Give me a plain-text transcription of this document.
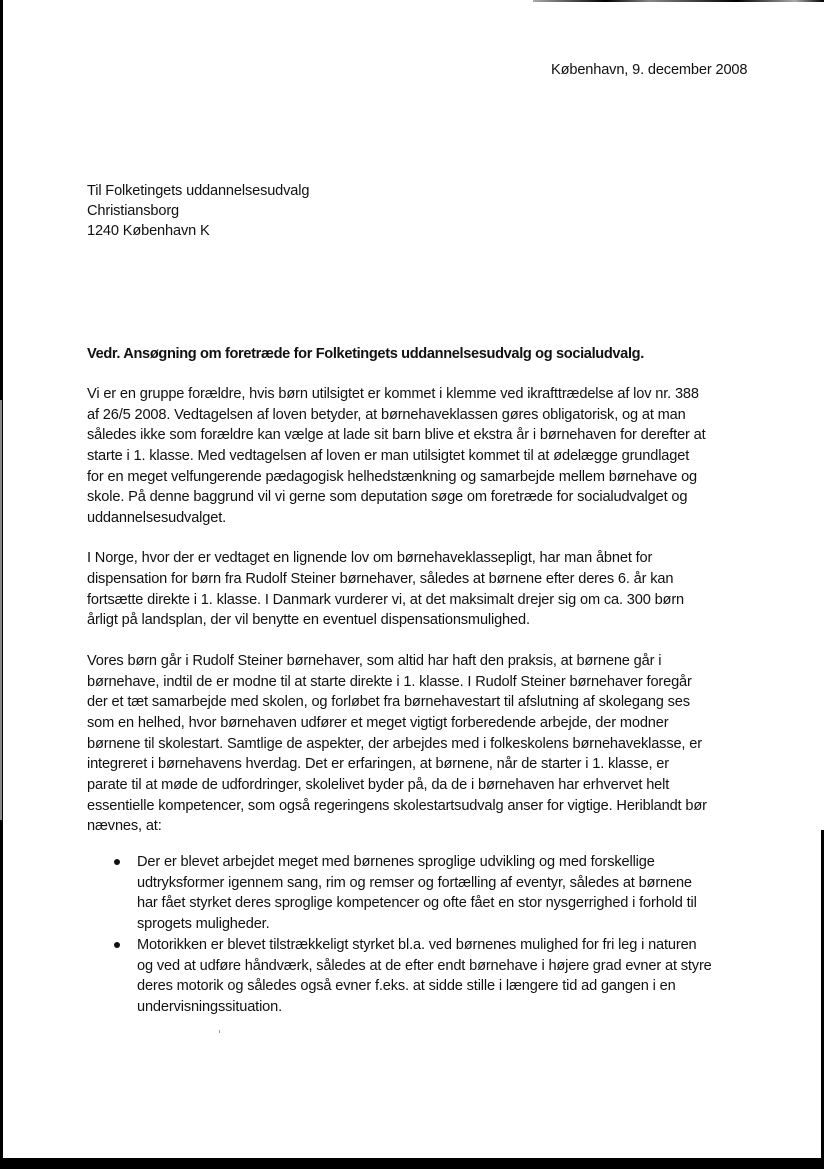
København, 9. december 2008
Til Folketingets uddannelsesudvalg
Christiansborg
1240 København K
Vedr. Ansøgning om foretræde for Folketingets uddannelsesudvalg og socialudvalg.
Vi er en gruppe forældre, hvis børn utilsigtet er kommet i klemme ved ikrafttrædelse af lov nr. 388
af 26/5 2008. Vedtagelsen af loven betyder, at børnehaveklassen gøres obligatorisk, og at man
således ikke som forældre kan vælge at lade sit barn blive et ekstra år i børnehaven for derefter at
starte i 1. klasse. Med vedtagelsen af loven er man utilsigtet kommet til at ødelægge grundlaget
for en meget velfungerende pædagogisk helhedstænkning og samarbejde mellem børnehave og
skole. På denne baggrund vil vi gerne som deputation søge om foretræde for socialudvalget og
uddannelsesudvalget.
I Norge, hvor der er vedtaget en lignende lov om børnehaveklassepligt, har man åbnet for
dispensation for børn fra Rudolf Steiner børnehaver, således at børnene efter deres 6. år kan
fortsætte direkte i 1. klasse. I Danmark vurderer vi, at det maksimalt drejer sig om ca. 300 børn
årligt på landsplan, der vil benytte en eventuel dispensationsmulighed.
Vores børn går i Rudolf Steiner børnehaver, som altid har haft den praksis, at børnene går i
børnehave, indtil de er modne til at starte direkte i 1. klasse. I Rudolf Steiner børnehaver foregår
der et tæt samarbejde med skolen, og forløbet fra børnehavestart til afslutning af skolegang ses
som en helhed, hvor børnehaven udfører et meget vigtigt forberedende arbejde, der modner
børnene til skolestart. Samtlige de aspekter, der arbejdes med i folkeskolens børnehaveklasse, er
integreret i børnehavens hverdag. Det er erfaringen, at børnene, når de starter i 1. klasse, er
parate til at møde de udfordringer, skolelivet byder på, da de i børnehaven har erhvervet helt
essentielle kompetencer, som også regeringens skolestartsudvalg anser for vigtige. Heriblandt bør
nævnes, at:
Der er blevet arbejdet meget med børnenes sproglige udvikling og med forskellige
udtryksformer igennem sang, rim og remser og fortælling af eventyr, således at børnene
har fået styrket deres sproglige kompetencer og ofte fået en stor nysgerrighed i forhold til
sprogets muligheder.
Motorikken er blevet tilstrækkeligt styrket bl.a. ved børnenes mulighed for fri leg i naturen
og ved at udføre håndværk, således at de efter endt børnehave i højere grad evner at styre
deres motorik og således også evner f.eks. at sidde stille i længere tid ad gangen i en
undervisningssituation.
